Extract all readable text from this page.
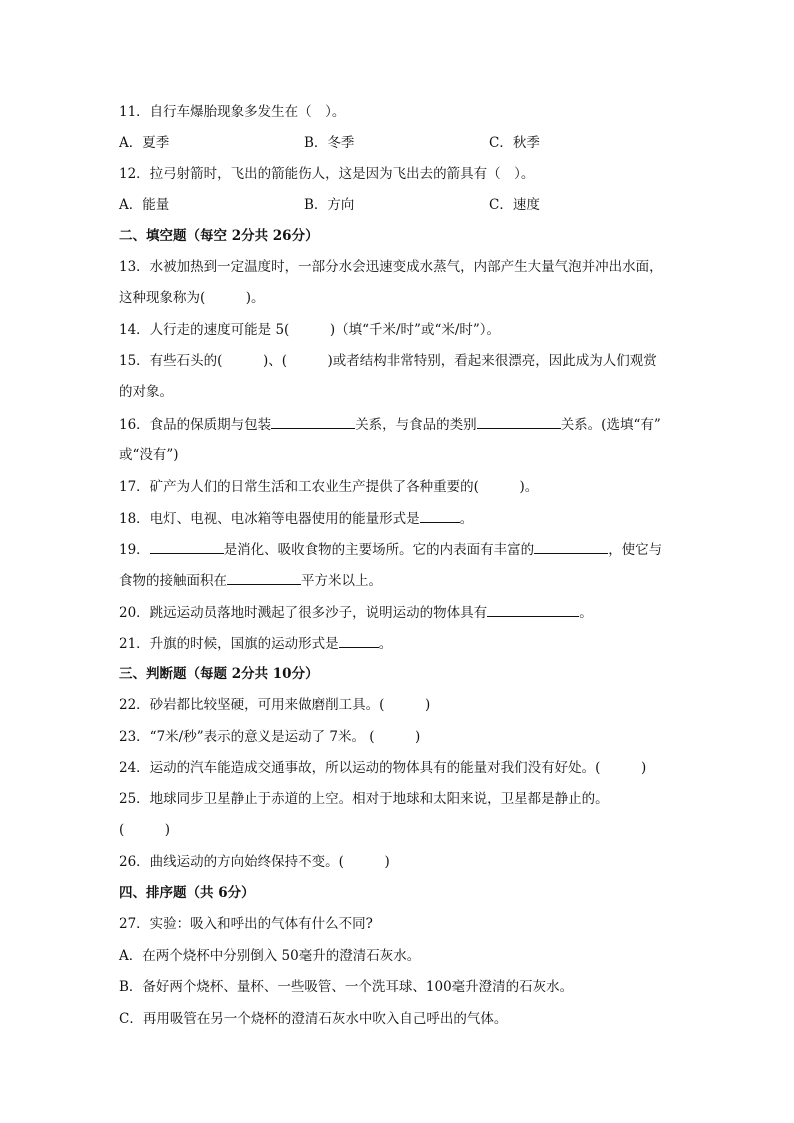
11．自行车爆胎现象多发生在（　）。
A．夏季	B．冬季	C．秋季
12．拉弓射箭时，飞出的箭能伤人，这是因为飞出去的箭具有（　）。
A．能量	B．方向	C．速度
二、填空题（每空 2分共 26分）
13．水被加热到一定温度时，一部分水会迅速变成水蒸气，内部产生大量气泡并冲出水面，
这种现象称为(　　　)。
14．人行走的速度可能是 5(　　　)（填“千米/时”或“米/时”）。
15．有些石头的(　　　)、(　　　)或者结构非常特别，看起来很漂亮，因此成为人们观赏
的对象。
16．食品的保质期与包装	关系，与食品的类别	关系。(选填“有”
或“没有”)
17．矿产为人们的日常生活和工农业生产提供了各种重要的(　　　)。
18．电灯、电视、电冰箱等电器使用的能量形式是	。
19．	是消化、吸收食物的主要场所。它的内表面有丰富的	，使它与
食物的接触面积在	平方米以上。
20．跳远运动员落地时溅起了很多沙子，说明运动的物体具有	。
21．升旗的时候，国旗的运动形式是	。
三、判断题（每题 2分共 10分）
22．砂岩都比较坚硬，可用来做磨削工具。(　　　)
23．“7米/秒”表示的意义是运动了 7米。 (　　　)
24．运动的汽车能造成交通事故，所以运动的物体具有的能量对我们没有好处。(　　　)
25．地球同步卫星静止于赤道的上空。相对于地球和太阳来说，卫星都是静止的。
(　　　)
26．曲线运动的方向始终保持不变。(　　　)
四、排序题（共 6分）
27．实验：吸入和呼出的气体有什么不同?
A．在两个烧杯中分别倒入 50毫升的澄清石灰水。
B．备好两个烧杯、量杯、一些吸管、一个洗耳球、100毫升澄清的石灰水。
C．再用吸管在另一个烧杯的澄清石灰水中吹入自己呼出的气体。
